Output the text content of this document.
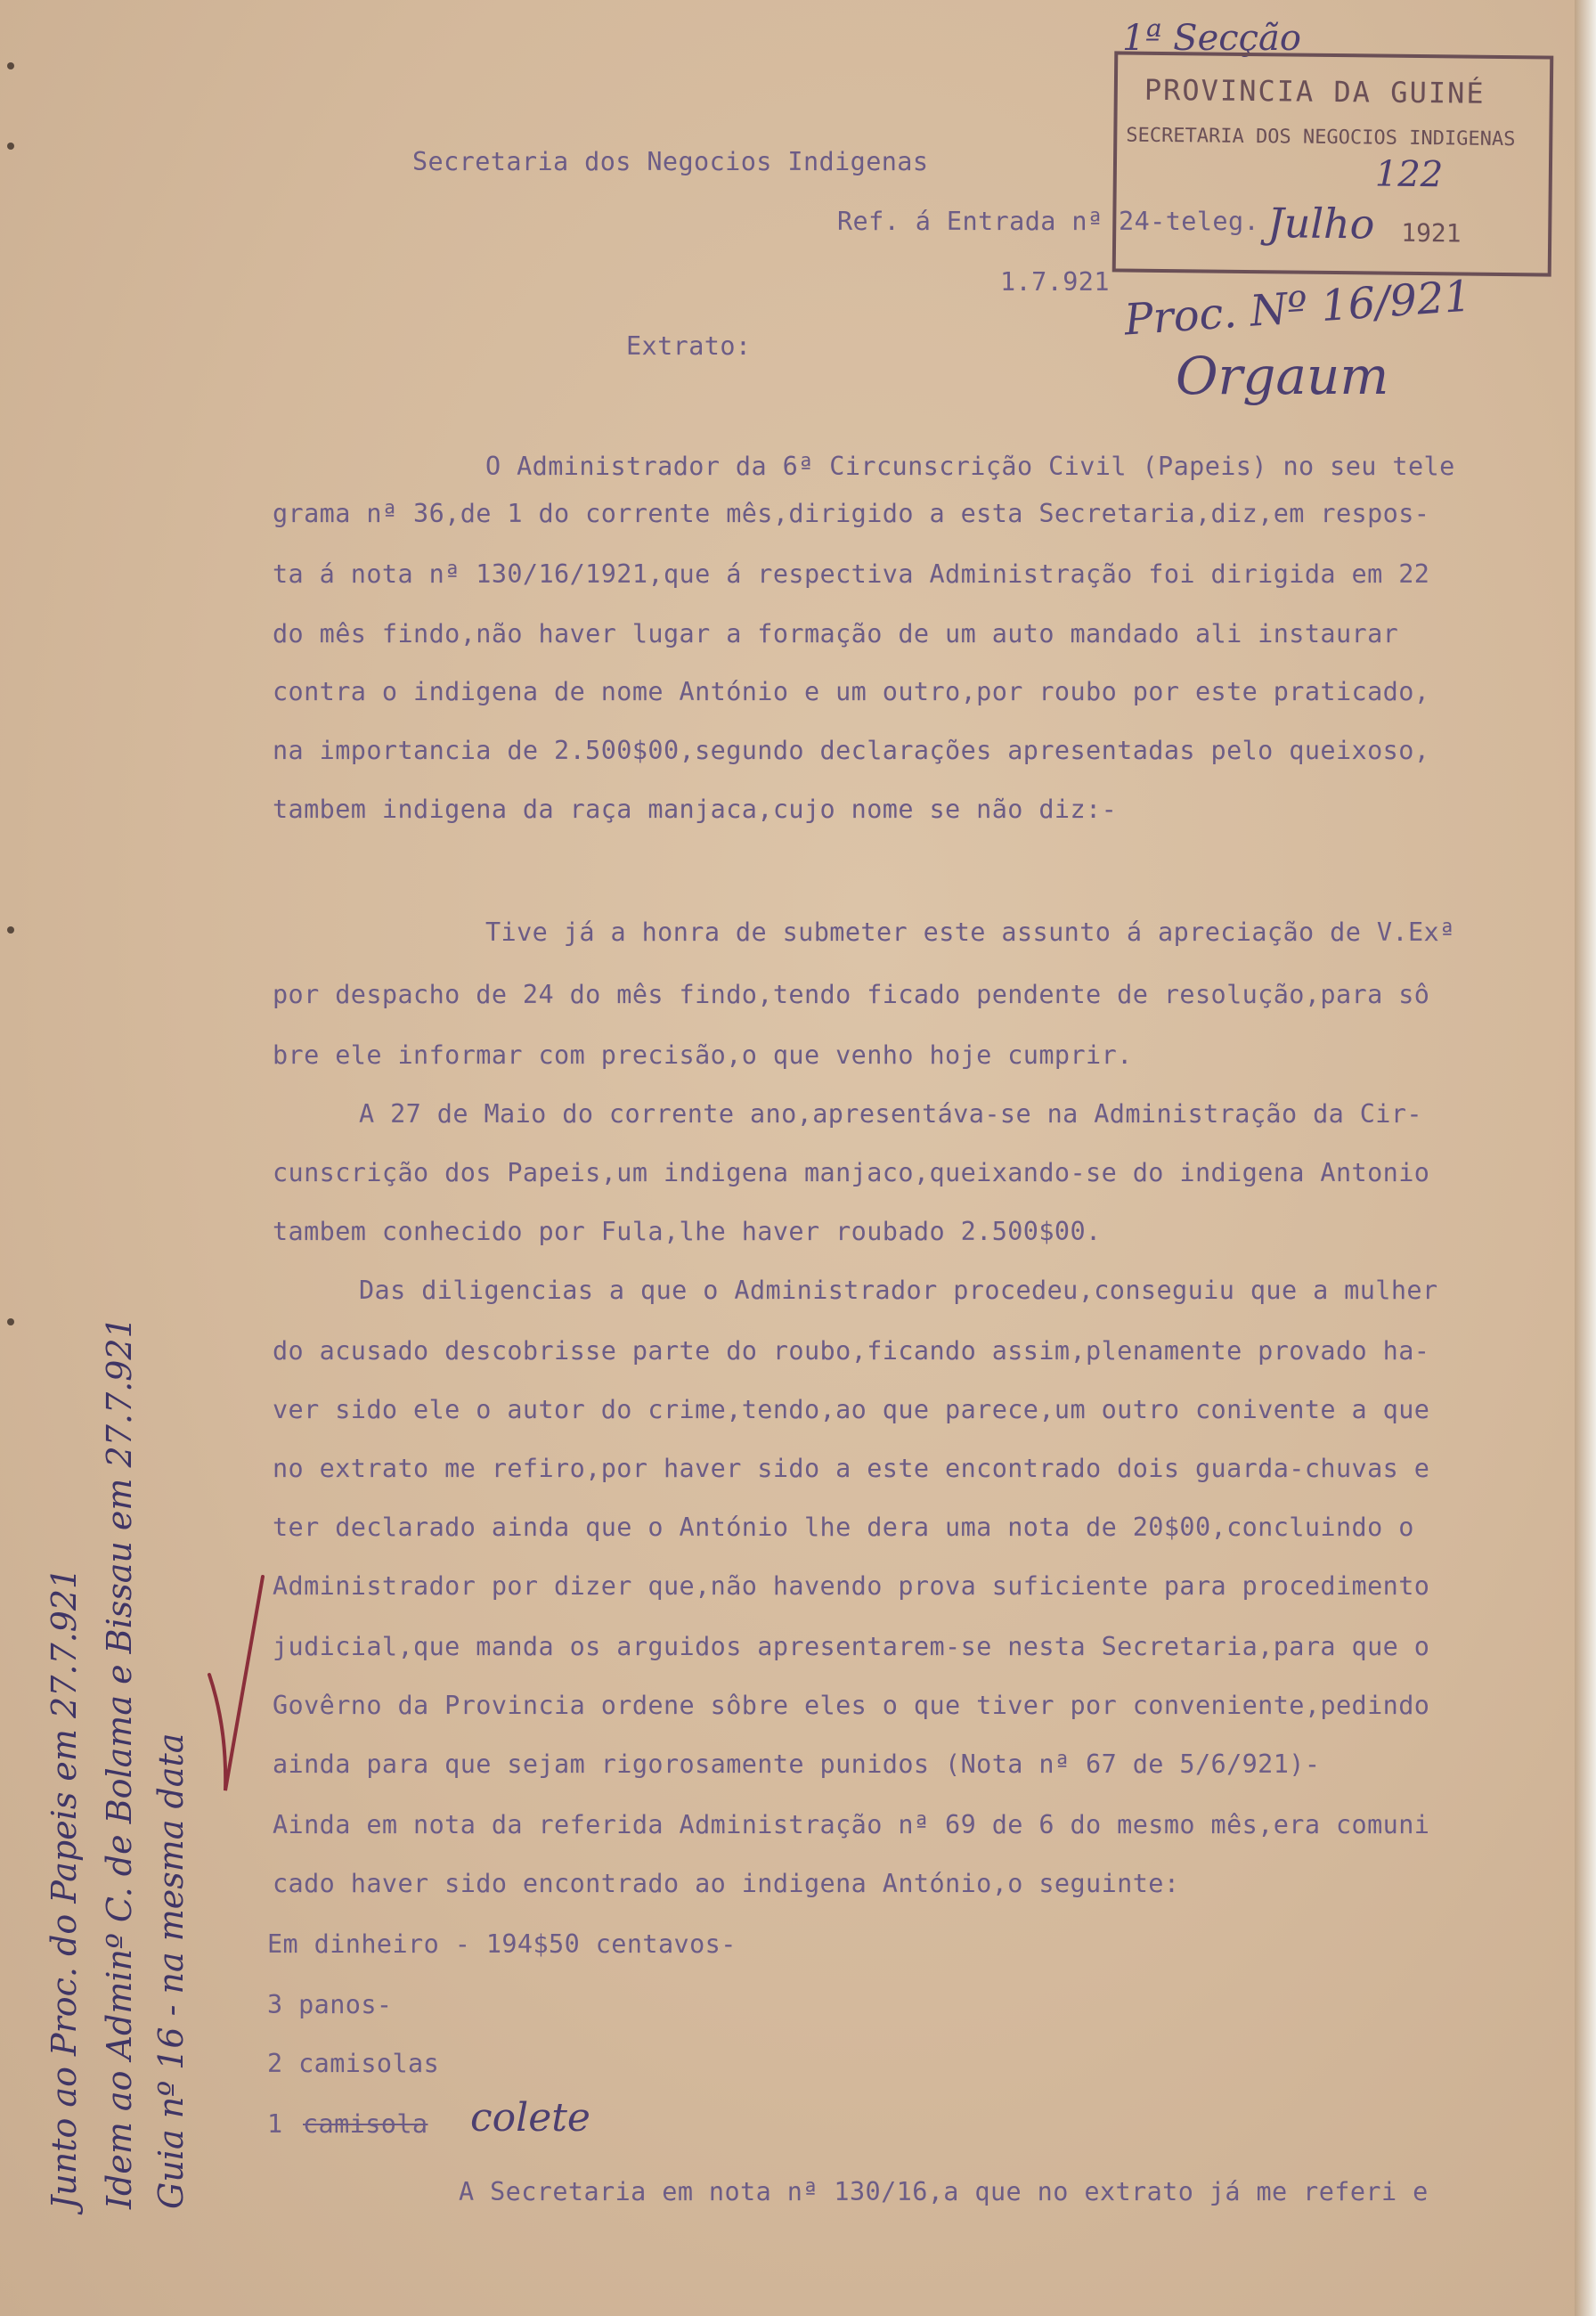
Secretaria dos Negocios Indigenas

Ref. á Entrada nª 24-teleg.

1.7.921

Extrato:

O Administrador da 6ª Circunscrição Civil (Papeis) no seu tele

grama nª 36,de 1 do corrente mês,dirigido a esta Secretaria,diz,em respos-

ta á nota nª 130/16/1921,que á respectiva Administração foi dirigida em 22

do mês findo,não haver lugar a formação de um auto mandado ali instaurar

contra o indigena de nome António e um outro,por roubo por este praticado,

na importancia de 2.500$00,segundo declarações apresentadas pelo queixoso,

tambem indigena da raça manjaca,cujo nome se não diz:-

Tive já a honra de submeter este assunto á apreciação de V.Exª

por despacho de 24 do mês findo,tendo ficado pendente de resolução,para sô

bre ele informar com precisão,o que venho hoje cumprir.

A 27 de Maio do corrente ano,apresentáva-se na Administração da Cir-

cunscrição dos Papeis,um indigena manjaco,queixando-se do indigena Antonio

tambem conhecido por Fula,lhe haver roubado 2.500$00.

Das diligencias a que o Administrador procedeu,conseguiu que a mulher

do acusado descobrisse parte do roubo,ficando assim,plenamente provado ha-

ver sido ele o autor do crime,tendo,ao que parece,um outro conivente a que

no extrato me refiro,por haver sido a este encontrado dois guarda-chuvas e

ter declarado ainda que o António lhe dera uma nota de 20$00,concluindo o

Administrador por dizer que,não havendo prova suficiente para procedimento

judicial,que manda os arguidos apresentarem-se nesta Secretaria,para que o

Govêrno da Provincia ordene sôbre eles o que tiver por conveniente,pedindo

ainda para que sejam rigorosamente punidos (Nota nª 67 de 5/6/921)-

Ainda em nota da referida Administração nª 69 de 6 do mesmo mês,era comuni

cado haver sido encontrado ao indigena António,o seguinte:

Em dinheiro - 194$50 centavos-

3 panos-

2 camisolas

1 camisola colete

A Secretaria em nota nª 130/16,a que no extrato já me referi e

1ª Secção

PROVINCIA DA GUINÉ

SECRETARIA DOS NEGOCIOS INDIGENAS

122

Julho 1921

Proc. Nº 16/921

Orgaum

Junto ao Proc. do Papeis em 27.7.921 Idem ao Adminº C. de Bolama e Bissau em 27.7.921 Guia nº 16 - na mesma data
